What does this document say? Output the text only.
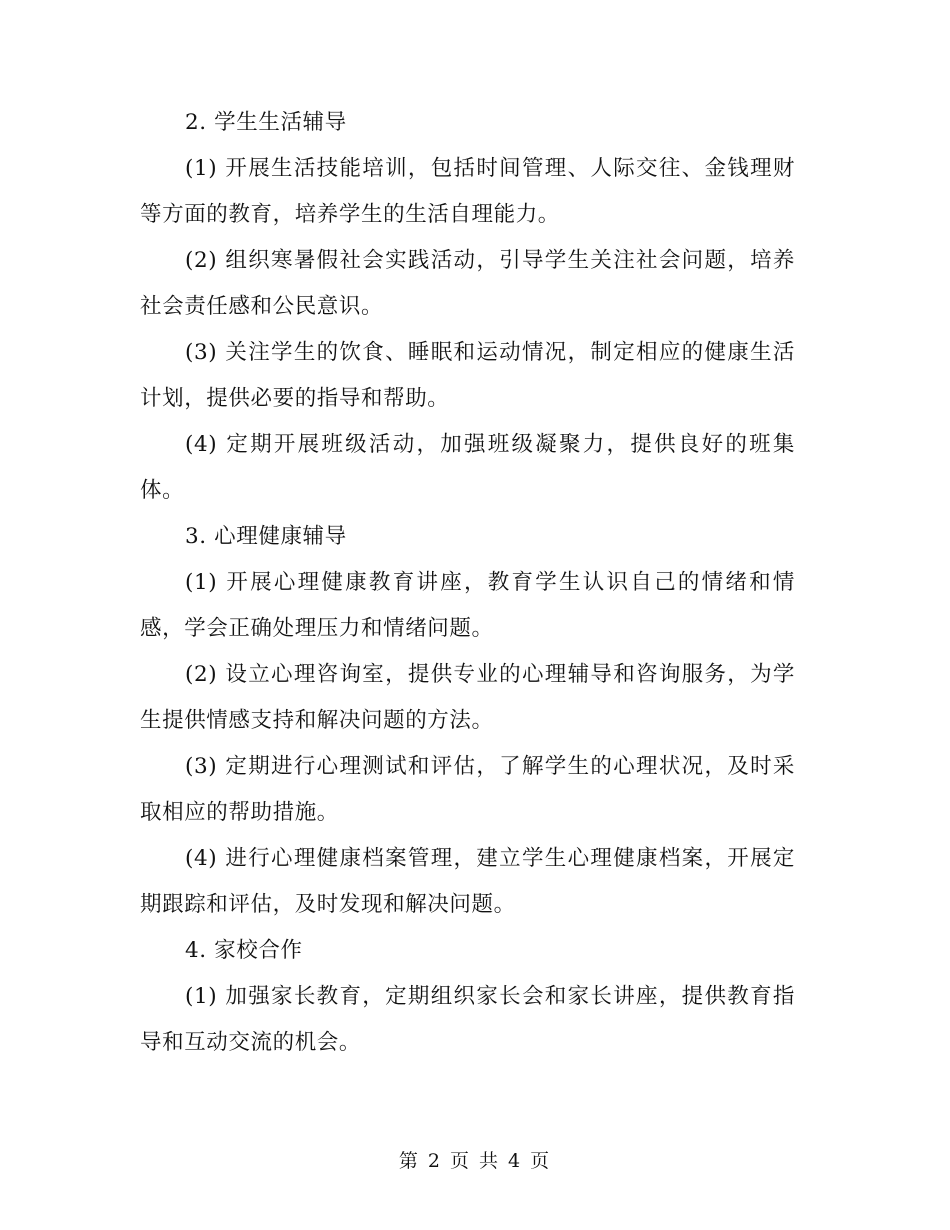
2. 学生生活辅导

(1) 开展生活技能培训，包括时间管理、人际交往、金钱理财等方面的教育，培养学生的生活自理能力。

(2) 组织寒暑假社会实践活动，引导学生关注社会问题，培养社会责任感和公民意识。

(3) 关注学生的饮食、睡眠和运动情况，制定相应的健康生活计划，提供必要的指导和帮助。

(4) 定期开展班级活动，加强班级凝聚力，提供良好的班集体。

3. 心理健康辅导

(1) 开展心理健康教育讲座，教育学生认识自己的情绪和情感，学会正确处理压力和情绪问题。

(2) 设立心理咨询室，提供专业的心理辅导和咨询服务，为学生提供情感支持和解决问题的方法。

(3) 定期进行心理测试和评估，了解学生的心理状况，及时采取相应的帮助措施。

(4) 进行心理健康档案管理，建立学生心理健康档案，开展定期跟踪和评估，及时发现和解决问题。

4. 家校合作

(1) 加强家长教育，定期组织家长会和家长讲座，提供教育指导和互动交流的机会。

第 2 页 共 4 页
